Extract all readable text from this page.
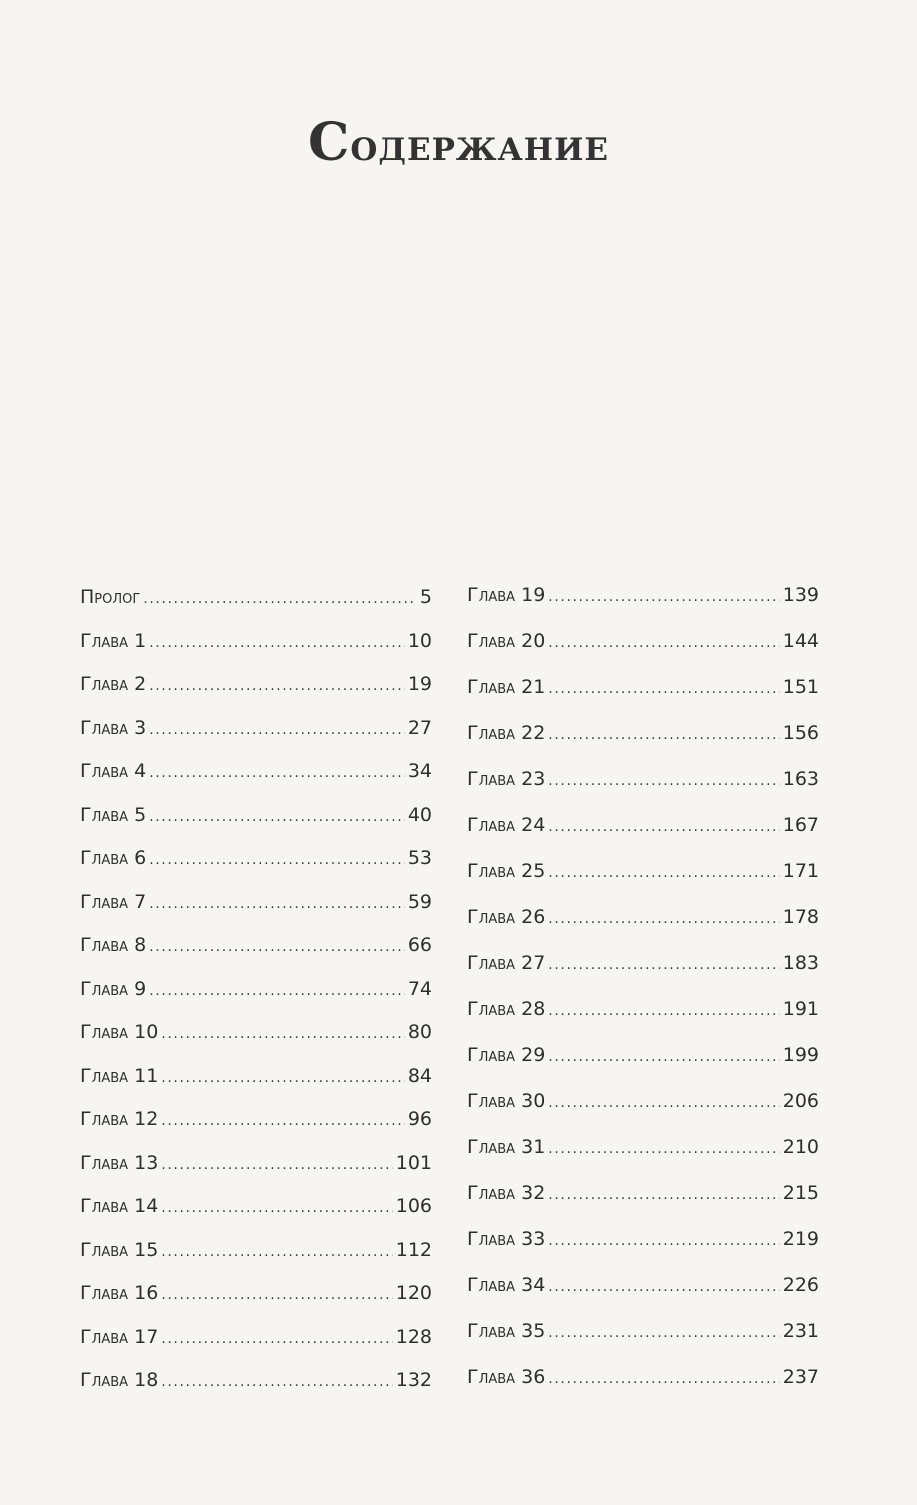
Содержание
Пролог .....	5
Глава 1 .....	10
Глава 2 .....	19
Глава 3 .....	27
Глава 4 .....	34
Глава 5 .....	40
Глава 6 .....	53
Глава 7 .....	59
Глава 8 .....	66
Глава 9 .....	74
Глава 10 .....	80
Глава 11 .....	84
Глава 12 .....	96
Глава 13 .....	101
Глава 14 .....	106
Глава 15 .....	112
Глава 16 .....	120
Глава 17 .....	128
Глава 18 .....	132
Глава 19 .....	139
Глава 20 .....	144
Глава 21 .....	151
Глава 22 .....	156
Глава 23 .....	163
Глава 24 .....	167
Глава 25 .....	171
Глава 26 .....	178
Глава 27 .....	183
Глава 28 .....	191
Глава 29 .....	199
Глава 30 .....	206
Глава 31 .....	210
Глава 32 .....	215
Глава 33 .....	219
Глава 34 .....	226
Глава 35 .....	231
Глава 36 .....	237
